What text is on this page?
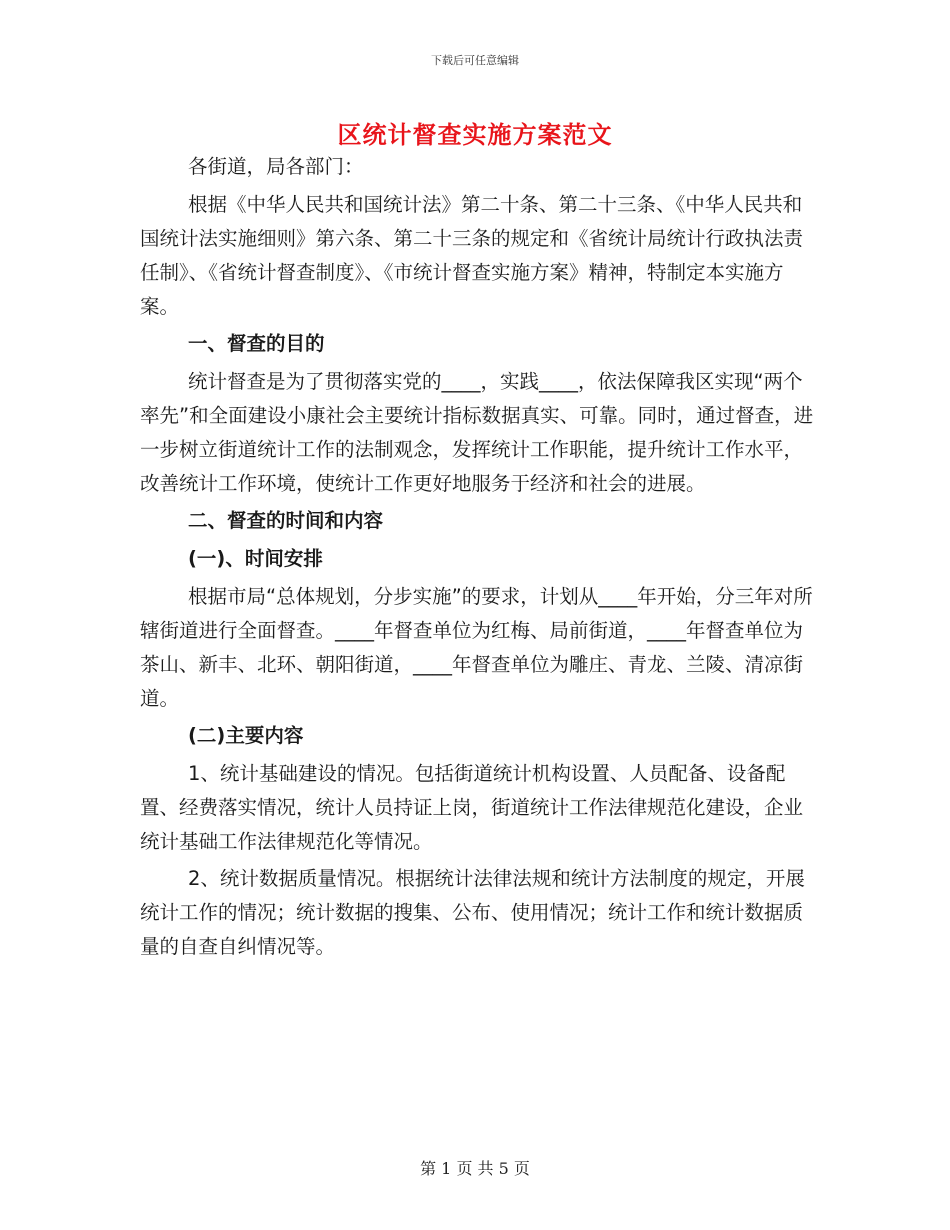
下载后可任意编辑
区统计督查实施方案范文

各街道，局各部门：

根据《中华人民共和国统计法》第二十条、第二十三条、《中华人民共和国统计法实施细则》第六条、第二十三条的规定和《省统计局统计行政执法责任制》、《省统计督查制度》、《市统计督查实施方案》精神，特制定本实施方案。

一、督查的目的

统计督查是为了贯彻落实党的____，实践____，依法保障我区实现“两个率先”和全面建设小康社会主要统计指标数据真实、可靠。同时，通过督查，进一步树立街道统计工作的法制观念，发挥统计工作职能，提升统计工作水平，改善统计工作环境，使统计工作更好地服务于经济和社会的进展。

二、督查的时间和内容

(一)、时间安排

根据市局“总体规划，分步实施”的要求，计划从____年开始，分三年对所辖街道进行全面督查。____年督查单位为红梅、局前街道，____年督查单位为茶山、新丰、北环、朝阳街道，____年督查单位为雕庄、青龙、兰陵、清凉街道。

(二)主要内容

1、统计基础建设的情况。包括街道统计机构设置、人员配备、设备配置、经费落实情况，统计人员持证上岗，街道统计工作法律规范化建设，企业统计基础工作法律规范化等情况。

2、统计数据质量情况。根据统计法律法规和统计方法制度的规定，开展统计工作的情况；统计数据的搜集、公布、使用情况；统计工作和统计数据质量的自查自纠情况等。

第 1 页 共 5 页
